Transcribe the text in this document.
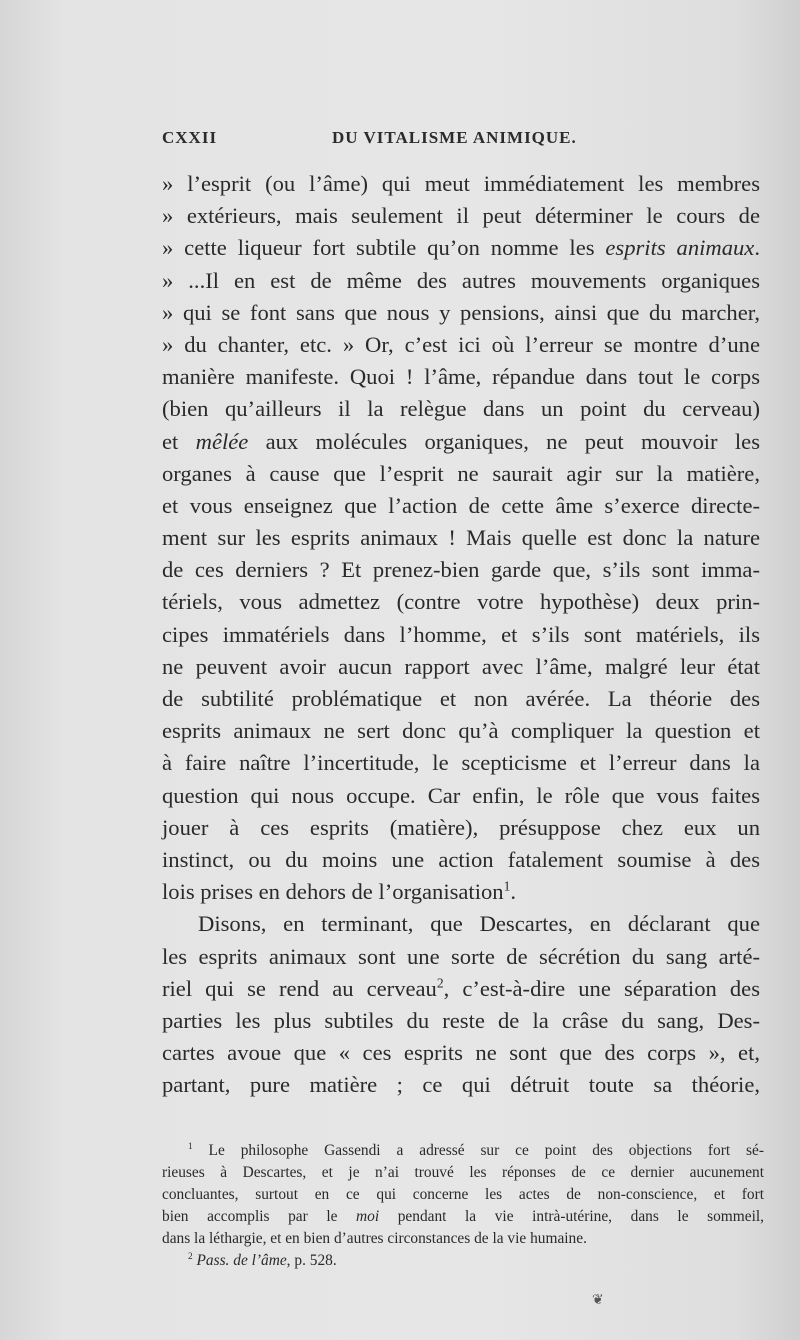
CXXII	DU VITALISME ANIMIQUE.
» l’esprit (ou l’âme) qui meut immédiatement les membres
» extérieurs, mais seulement il peut déterminer le cours de
» cette liqueur fort subtile qu’on nomme les esprits animaux.
» ...Il en est de même des autres mouvements organiques
» qui se font sans que nous y pensions, ainsi que du marcher,
» du chanter, etc. » Or, c’est ici où l’erreur se montre d’une
manière manifeste. Quoi ! l’âme, répandue dans tout le corps
(bien qu’ailleurs il la relègue dans un point du cerveau)
et mêlée aux molécules organiques, ne peut mouvoir les
organes à cause que l’esprit ne saurait agir sur la matière,
et vous enseignez que l’action de cette âme s’exerce directe-
ment sur les esprits animaux ! Mais quelle est donc la nature
de ces derniers ? Et prenez-bien garde que, s’ils sont imma-
tériels, vous admettez (contre votre hypothèse) deux prin-
cipes immatériels dans l’homme, et s’ils sont matériels, ils
ne peuvent avoir aucun rapport avec l’âme, malgré leur état
de subtilité problématique et non avérée. La théorie des
esprits animaux ne sert donc qu’à compliquer la question et
à faire naître l’incertitude, le scepticisme et l’erreur dans la
question qui nous occupe. Car enfin, le rôle que vous faites
jouer à ces esprits (matière), présuppose chez eux un
instinct, ou du moins une action fatalement soumise à des
lois prises en dehors de l’organisation$^1$.
Disons, en terminant, que Descartes, en déclarant que
les esprits animaux sont une sorte de sécrétion du sang arté-
riel qui se rend au cerveau$^2$, c’est-à-dire une séparation des
parties les plus subtiles du reste de la crâse du sang, Des-
cartes avoue que « ces esprits ne sont que des corps », et,
partant, pure matière ; ce qui détruit toute sa théorie,
$^1$ Le philosophe Gassendi a adressé sur ce point des objections fort sé-
rieuses à Descartes, et je n’ai trouvé les réponses de ce dernier aucunement
concluantes, surtout en ce qui concerne les actes de non-conscience, et fort
bien accomplis par le moi pendant la vie intrà-utérine, dans le sommeil,
dans la léthargie, et en bien d’autres circonstances de la vie humaine.
$^2$ Pass. de l’âme, p. 528.
❦
